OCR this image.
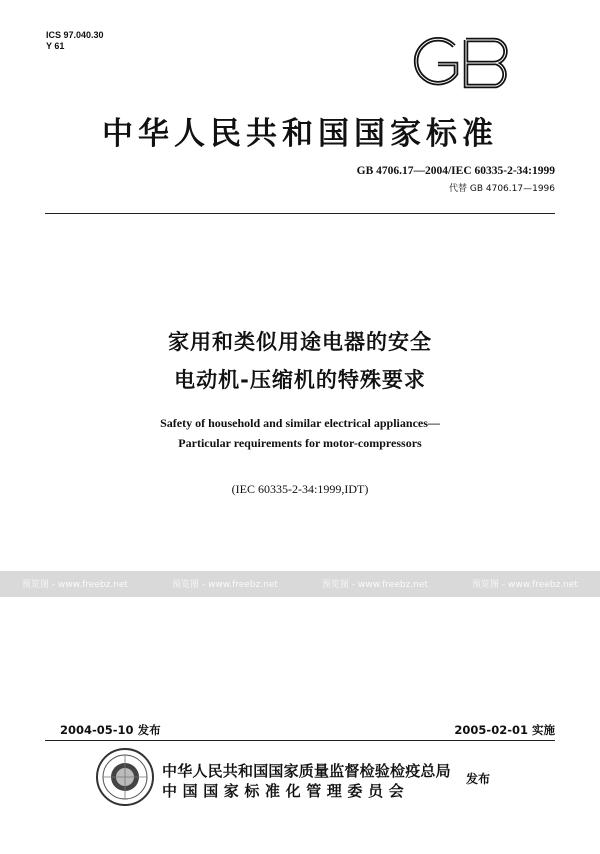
ICS 97.040.30
Y 61
中华人民共和国国家标准
GB 4706.17—2004/IEC 60335-2-34:1999
代替 GB 4706.17—1996
家用和类似用途电器的安全
电动机-压缩机的特殊要求
Safety of household and similar electrical appliances—
Particular requirements for motor-compressors
(IEC 60335-2-34:1999,IDT)
预览图 - www.freebz.net	预览图 - www.freebz.net	预览图 - www.freebz.net	预览图 - www.freebz.net
2004-05-10 发布	2005-02-01 实施
中华人民共和国国家质量监督检验检疫总局
中国国家标准化管理委员会
发布
